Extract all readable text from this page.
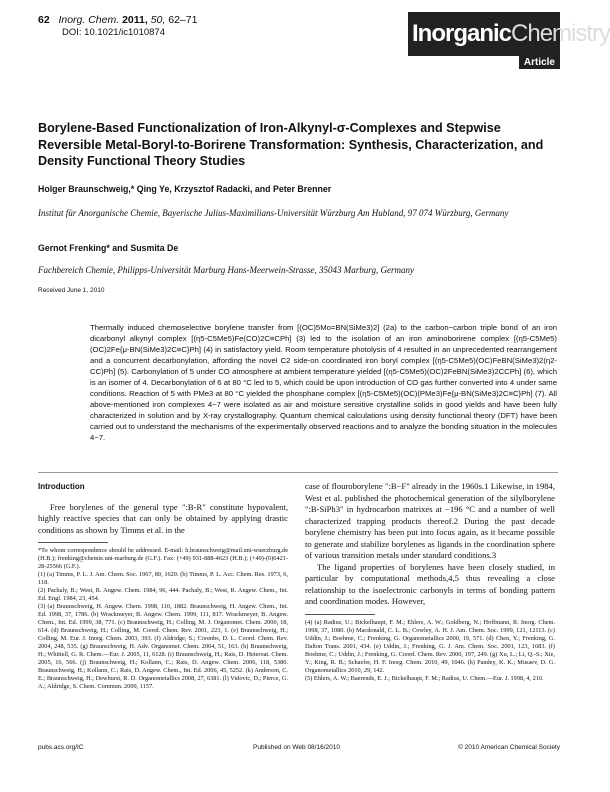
62 Inorg. Chem. 2011, 50, 62–71
DOI: 10.1021/ic1010874	InorganicChemistry
Article
Borylene-Based Functionalization of Iron-Alkynyl-σ-Complexes and Stepwise Reversible Metal-Boryl-to-Borirene Transformation: Synthesis, Characterization, and Density Functional Theory Studies
Holger Braunschweig,* Qing Ye, Krzysztof Radacki, and Peter Brenner
Institut für Anorganische Chemie, Bayerische Julius-Maximilians-Universität Würzburg Am Hubland, 97 074 Würzburg, Germany
Gernot Frenking* and Susmita De
Fachbereich Chemie, Philipps-Universität Marburg Hans-Meerwein-Strasse, 35043 Marburg, Germany
Received June 1, 2010
Thermally induced chemoselective borylene transfer from [(OC)5Mo=BN(SiMe3)2] (2a) to the carbon−carbon triple bond of an iron dicarbonyl alkynyl complex [(η5-C5Me5)Fe(CO)2C≡CPh] (3) led to the isolation of an iron aminoborirene complex [(η5-C5Me5)(OC)2Fe{μ-BN(SiMe3)2C≡C}Ph] (4) in satisfactory yield. Room temperature photolysis of 4 resulted in an unprecedented rearrangement and a concurrent decarbonylation, affording the novel C2 side-on coordinated iron boryl complex [(η5-C5Me5)(OC)FeBN(SiMe3)2(η2-CC)Ph] (5). Carbonylation of 5 under CO atmosphere at ambient temperature yielded [(η5-C5Me5)(OC)2FeBN(SiMe3)2CCPh] (6), which is an isomer of 4. Decarbonylation of 6 at 80 °C led to 5, which could be upon introduction of CO gas further converted into 4 under same conditions. Reaction of 5 with PMe3 at 80 °C yielded the phosphane complex [(η5-C5Me5)(OC)(PMe3)Fe{μ-BN(SiMe3)2C≡C}Ph] (7). All above-mentioned iron complexes 4−7 were isolated as air and moisture sensitive crystalline solids in good yields and have been fully characterized in solution and by X-ray crystallography. Quantum chemical calculations using density functional theory (DFT) have been carried out to understand the mechanisms of the experimentally observed reactions and to analyze the bonding situation in the molecules 4−7.
Introduction

Free borylenes of the general type ":B-R" constitute hypovalent, highly reactive species that can only be obtained by applying drastic conditions as shown by Timms et al. in the

*To whom correspondence should be addressed. E-mail: h.braunschweig@mail.uni-wuerzburg.de (H.B.); frenking@chemie.uni-marburg.de (G.F.). Fax: (+49) 931-888-4623 (H.B.); (+49)-(0)6421-28-25566 (G.F.).

(1) (a) Timms, P. L. J. Am. Chem. Soc. 1967, 89, 1629. (b) Timms, P. L. Acc. Chem. Res. 1973, 6, 118.

(2) Pachaly, B.; West, R. Angew. Chem. 1984, 96, 444. Pachaly, B.; West, R. Angew. Chem., Int. Ed. Engl. 1984, 23, 454.

(3) (a) Braunschweig, H. Angew. Chem. 1998, 110, 1882. Braunschweig, H. Angew. Chem., Int. Ed. 1998, 37, 1786. (b) Wrackmeyer, B. Angew. Chem. 1999, 111, 817. Wrackmeyer, B. Angew. Chem., Int. Ed. 1999, 38, 771. (c) Braunschweig, H.; Colling, M. J. Organomet. Chem. 2000, 18, 614. (d) Braunschweig, H.; Colling, M. Coord. Chem. Rev. 2001, 223, 1. (e) Braunschweig, H.; Colling, M. Eur. J. Inorg. Chem. 2003, 393. (f) Aldridge, S.; Coombs, D. L. Coord. Chem. Rev. 2004, 248, 535. (g) Braunschweig, H. Adv. Organomet. Chem. 2004, 51, 163. (h) Braunschweig, H.; Whittell, G. R. Chem.—Eur. J. 2005, 11, 6128. (i) Braunschweig, H.; Rais, D. Heteroat. Chem. 2005, 16, 566. (j) Braunschweig, H.; Kollann, C.; Rais, D. Angew. Chem. 2006, 118, 5380. Braunschweig, H.; Kollann, C.; Rais, D. Angew. Chem., Int. Ed. 2006, 45, 5252. (k) Anderson, C. E.; Braunschweig, H.; Dewhurst, R. D. Organometallics 2008, 27, 6381. (l) Vidovic, D.; Pierce, G. A.; Aldridge, S. Chem. Commun. 2009, 1157.

case of flouroborylene ":B−F" already in the 1960s.1 Likewise, in 1984, West et al. published the photochemical generation of the silylborylene ":B-SiPh3" in hydrocarbon matrixes at −196 °C and a number of well characterized trapping products thereof.2 During the past decade borylene chemistry has been put into focus again, as it became possible to generate and stabilize borylenes as ligands in the coordination sphere of various transition metals under standard conditions.3

The ligand properties of borylenes have been closely studied, in particular by computational methods,4,5 thus revealing a close relationship to the isoelectronic carbonyls in terms of bonding pattern and coordination modes. However,

(4) (a) Radius, U.; Bickelhaupt, F. M.; Ehlers, A. W.; Goldberg, N.; Hoffmann, R. Inorg. Chem. 1998, 37, 1080. (b) Macdonald, C. L. B.; Cowley, A. H. J. Am. Chem. Soc. 1999, 121, 12113. (c) Uddin, J.; Boehme, C.; Frenking, G. Organometallics 2000, 19, 571. (d) Chen, Y.; Frenking, G. Dalton Trans. 2001, 434. (e) Uddin, J.; Frenking, G. J. Am. Chem. Soc. 2001, 123, 1683. (f) Boehme, C.; Uddin, J.; Frenking, G. Coord. Chem. Rev. 2000, 197, 249. (g) Xu, L.; Li, Q.-S.; Xie, Y.; King, R. B.; Schaefer, H. F. Inorg. Chem. 2010, 49, 1046. (h) Pandey, K. K.; Musaev, D. G. Organometallics 2010, 29, 142.

(5) Ehlers, A. W.; Baerends, E. J.; Bickelhaupt, F. M.; Radius, U. Chem.—Eur. J. 1998, 4, 210.

pubs.acs.org/IC	Published on Web 08/16/2010	© 2010 American Chemical Society
